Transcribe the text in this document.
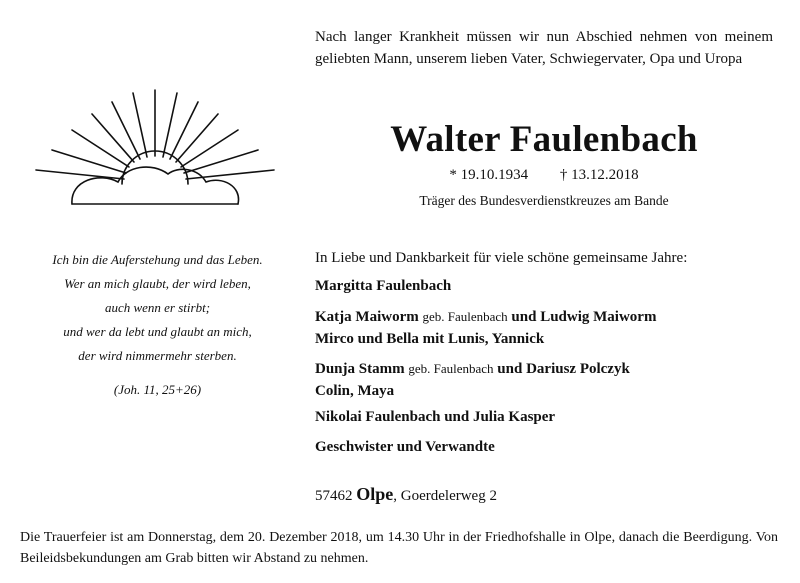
Nach langer Krankheit müssen wir nun Abschied nehmen von meinem geliebten Mann, unserem lieben Vater, Schwiegervater, Opa und Uropa
Walter Faulenbach
* 19.10.1934 † 13.12.2018
Träger des Bundesverdienstkreuzes am Bande
Ich bin die Auferstehung und das Leben.
Wer an mich glaubt, der wird leben,
auch wenn er stirbt;
und wer da lebt und glaubt an mich,
der wird nimmermehr sterben.
(Joh. 11, 25+26)
In Liebe und Dankbarkeit für viele schöne gemeinsame Jahre:
Margitta Faulenbach
Katja Maiworm geb. Faulenbach und Ludwig Maiworm
Mirco und Bella mit Lunis, Yannick
Dunja Stamm geb. Faulenbach und Dariusz Polczyk
Colin, Maya
Nikolai Faulenbach und Julia Kasper
Geschwister und Verwandte
57462 Olpe, Goerdelerweg 2
Die Trauerfeier ist am Donnerstag, dem 20. Dezember 2018, um 14.30 Uhr in der Friedhofshalle in Olpe, danach die Beerdigung. Von Beileidsbekundungen am Grab bitten wir Abstand zu nehmen.
